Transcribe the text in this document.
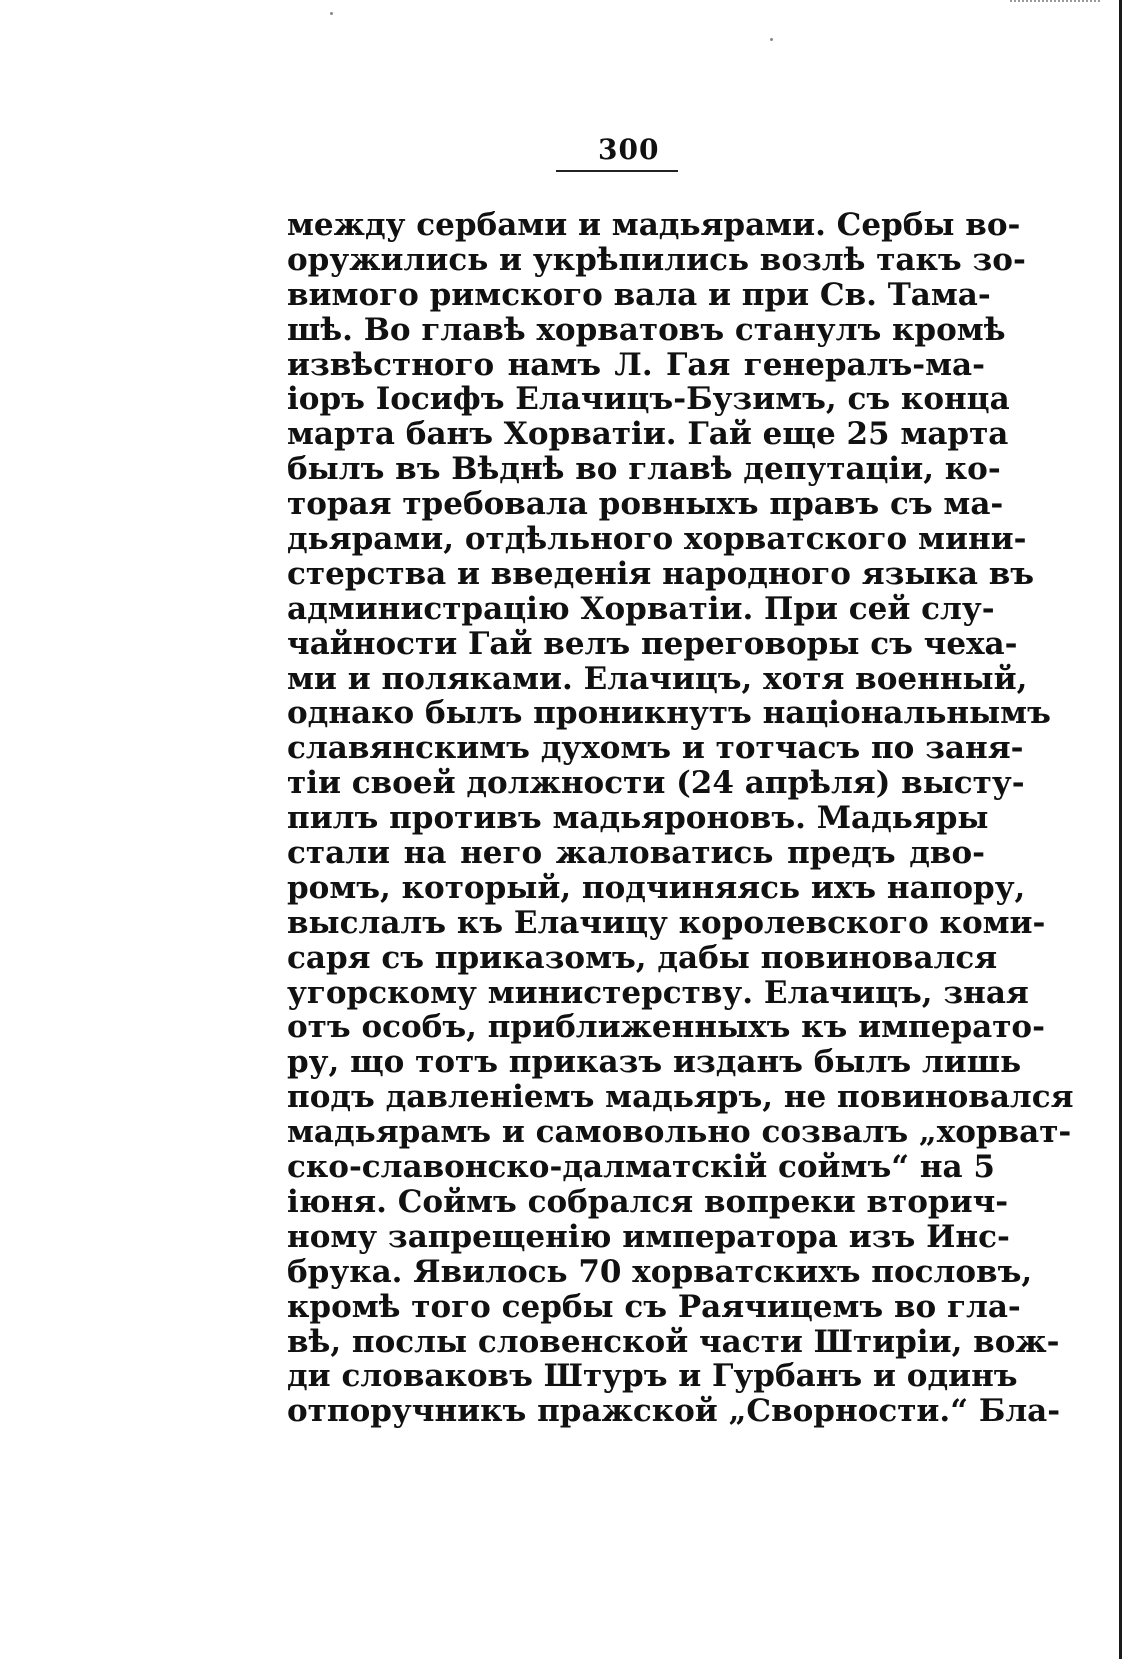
300
между сербами и мадьярами. Сербы во-
оружились и укрѣпились возлѣ такъ зо-
вимого римского вала и при Св. Тама-
шѣ. Во главѣ хорватовъ станулъ кромѣ
извѣстного намъ Л. Гая генералъ-ма-
іоръ Іосифъ Елачицъ-Бузимъ, съ конца
марта банъ Хорватіи. Гай еще 25 марта
былъ въ Вѣднѣ во главѣ депутаціи, ко-
торая требовала ровныхъ правъ съ ма-
дьярами, отдѣльного хорватского мини-
стерства и введенія народного языка въ
администрацію Хорватіи. При сей слу-
чайности Гай велъ переговоры съ чеха-
ми и поляками. Елачицъ, хотя военный,
однако былъ проникнутъ національнымъ
славянскимъ духомъ и тотчасъ по заня-
тіи своей должности (24 апрѣля) высту-
пилъ противъ мадьяроновъ. Мадьяры
стали на него жаловатись предъ дво-
ромъ, который, подчиняясь ихъ напору,
выслалъ къ Елачицу королевского коми-
саря съ приказомъ, дабы повиновался
угорскому министерству. Елачицъ, зная
отъ особъ, приближенныхъ къ императо-
ру, що тотъ приказъ изданъ былъ лишь
подъ давленіемъ мадьяръ, не повиновался
мадьярамъ и самовольно созвалъ „хорват-
ско-славонско-далматскій соймъ“ на 5
іюня. Соймъ собрался вопреки вторич-
ному запрещенію императора изъ Инс-
брука. Явилось 70 хорватскихъ пословъ,
кромѣ того сербы съ Раячицемъ во гла-
вѣ, послы словенской части Штиріи, вож-
ди словаковъ Штуръ и Гурбанъ и одинъ
отпоручникъ пражской „Сворности.“ Бла-
